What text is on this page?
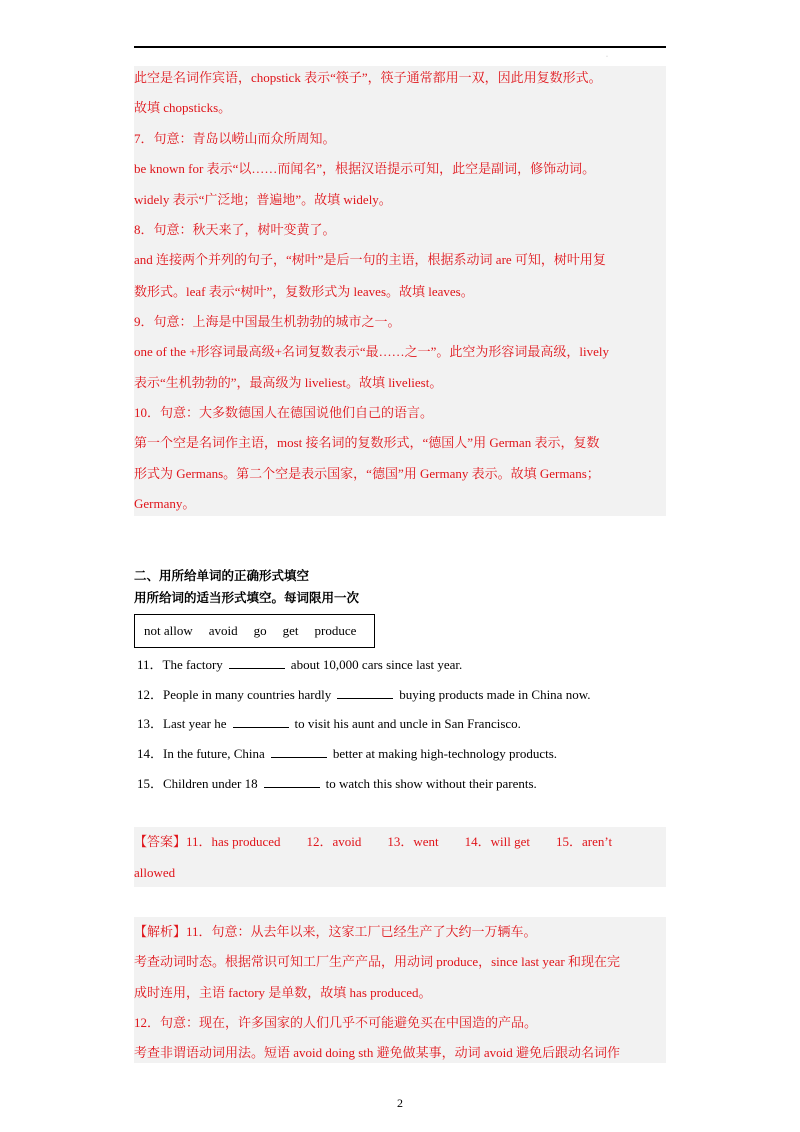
·
此空是名词作宾语，chopstick 表示“筷子”，筷子通常都用一双，因此用复数形式。
故填 chopsticks。
7．句意：青岛以崂山而众所周知。
be known for 表示“以……而闻名”，根据汉语提示可知，此空是副词，修饰动词。
widely 表示“广泛地；普遍地”。故填 widely。
8．句意：秋天来了，树叶变黄了。
and 连接两个并列的句子，“树叶”是后一句的主语，根据系动词 are 可知，树叶用复
数形式。leaf 表示“树叶”，复数形式为 leaves。故填 leaves。
9．句意：上海是中国最生机勃勃的城市之一。
one of the +形容词最高级+名词复数表示“最……之一”。此空为形容词最高级，lively
表示“生机勃勃的”，最高级为 liveliest。故填 liveliest。
10．句意：大多数德国人在德国说他们自己的语言。
第一个空是名词作主语，most 接名词的复数形式，“德国人”用 German 表示，复数
形式为 Germans。第二个空是表示国家，“德国”用 Germany 表示。故填 Germans；
Germany。
二、用所给单词的正确形式填空
用所给词的适当形式填空。每词限用一次
not allow avoid go get produce
11．The factory	about 10,000 cars since last year.
12．People in many countries hardly	buying products made in China now.
13．Last year he	to visit his aunt and uncle in San Francisco.
14．In the future, China	better at making high-technology products.
15．Children under 18	to watch this show without their parents.
【答案】11．has produced 12．avoid 13．went 14．will get 15．aren’t
allowed
【解析】11．句意：从去年以来，这家工厂已经生产了大约一万辆车。
考查动词时态。根据常识可知工厂生产产品，用动词 produce，since last year 和现在完
成时连用，主语 factory 是单数，故填 has produced。
12．句意：现在，许多国家的人们几乎不可能避免买在中国造的产品。
考查非谓语动词用法。短语 avoid doing sth 避免做某事，动词 avoid 避免后跟动名词作
2
